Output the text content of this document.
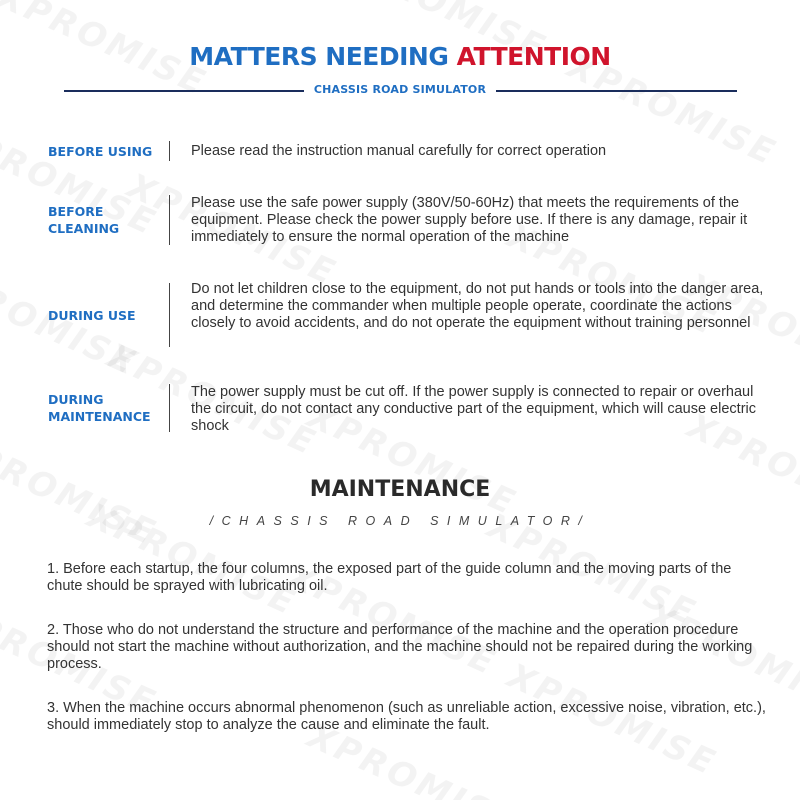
MATTERS NEEDING ATTENTION
CHASSIS ROAD SIMULATOR
BEFORE USING	Please read the instruction manual carefully for correct operation
BEFORE CLEANING
Please use the safe power supply (380V/50-60Hz) that meets the requirements of the equipment. Please check the power supply before use. If there is any damage, repair it immediately to ensure the normal operation of the machine
DURING USE
Do not let children close to the equipment, do not put hands or tools into the danger area, and determine the commander when multiple people operate, coordinate the actions closely to avoid accidents, and do not operate the equipment without training personnel
DURING MAINTENANCE
The power supply must be cut off. If the power supply is connected to repair or overhaul the circuit, do not contact any conductive part of the equipment, which will cause electric shock
MAINTENANCE
/CHASSIS ROAD SIMULATOR/
1. Before each startup, the four columns, the exposed part of the guide column and the moving parts of the chute should be sprayed with lubricating oil.
2. Those who do not understand the structure and performance of the machine and the operation procedure should not start the machine without authorization, and the machine should not be repaired during the working process.
3. When the machine occurs abnormal phenomenon (such as unreliable action, excessive noise, vibration, etc.), should immediately stop to analyze the cause and eliminate the fault.
